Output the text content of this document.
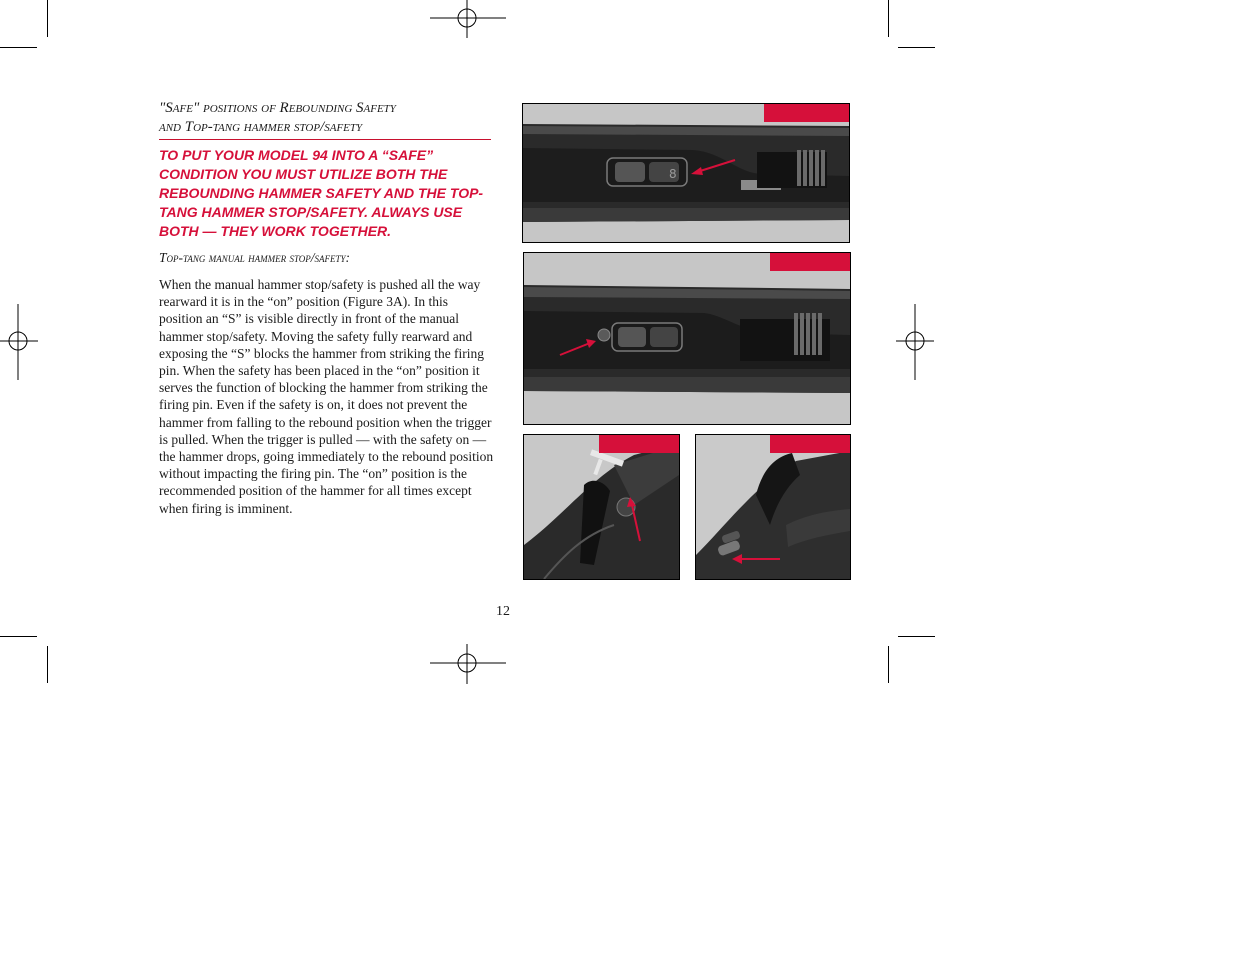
"Safe" positions of Rebounding Safety
and Top-tang hammer stop/safety

TO PUT YOUR MODEL 94 INTO A “SAFE” CONDITION YOU MUST UTILIZE BOTH THE REBOUNDING HAMMER SAFETY AND THE TOP-TANG HAMMER STOP/SAFETY. ALWAYS USE BOTH — THEY WORK TOGETHER.

Top-tang manual hammer stop/safety:

When the manual hammer stop/safety is pushed all the way rearward it is in the “on” position (Figure 3A). In this position an “S” is visible directly in front of the manual hammer stop/safety. Moving the safety fully rearward and exposing the “S” blocks the hammer from striking the firing pin. When the safety has been placed in the “on” position it serves the function of blocking the hammer from striking the firing pin. Even if the safety is on, it does not prevent the hammer from falling to the rebound position when the trigger is pulled. When the trigger is pulled — with the safety on — the hammer drops, going immediately to the rebound position without impacting the firing pin. The “on” position is the recommended position of the hammer for all times except when firing is imminent.

12
8
